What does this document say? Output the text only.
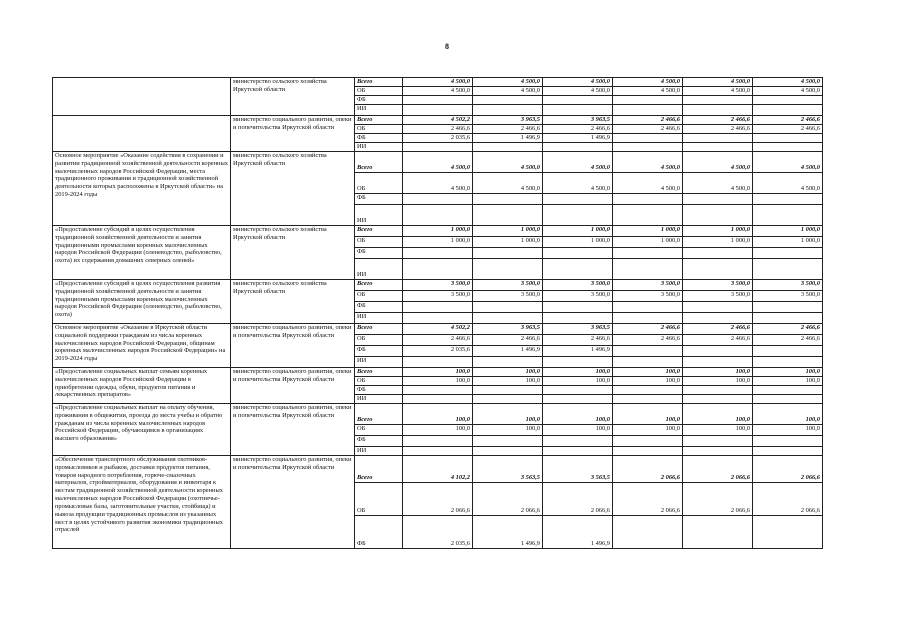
8
	министерство сельского хозяйства Иркутской области	Всего	4 500,0	4 500,0	4 500,0	4 500,0	4 500,0	4 500,0
		ОБ	4 500,0	4 500,0	4 500,0	4 500,0	4 500,0	4 500,0
		ФБ						
		ИИ						
	министерство социального развития, опеки и попечительства Иркутской области	Всего	4 502,2	3 963,5	3 963,5	2 466,6	2 466,6	2 466,6
		ОБ	2 466,6	2 466,6	2 466,6	2 466,6	2 466,6	2 466,6
		ФБ	2 035,6	1 496,9	1 496,9			
		ИИ						
Основное мероприятие «Оказание содействия в сохранении и развитии традиционной хозяйственной деятельности коренных малочисленных народов Российской Федерации, места традиционного проживания и традиционной хозяйственной деятельности которых расположены в Иркутской области» на 2019-2024 годы	министерство сельского хозяйства Иркутской области	Всего	4 500,0	4 500,0	4 500,0	4 500,0	4 500,0	4 500,0
		ОБ	4 500,0	4 500,0	4 500,0	4 500,0	4 500,0	4 500,0
		ФБ						
		ИИ						
«Предоставление субсидий в целях осуществления традиционной хозяйственной деятельности и занятия традиционными промыслами коренных малочисленных народов Российской Федерации (оленеводство, рыболовство, охота) их содержания домашних северных оленей»	министерство сельского хозяйства Иркутской области	Всего	1 000,0	1 000,0	1 000,0	1 000,0	1 000,0	1 000,0
		ОБ	1 000,0	1 000,0	1 000,0	1 000,0	1 000,0	1 000,0
		ФБ						
		ИИ						
«Предоставление субсидий в целях осуществления развития традиционной хозяйственной деятельности и занятия традиционными промыслами коренных малочисленных народов Российской Федерации (оленеводство, рыболовство, охота)	министерство сельского хозяйства Иркутской области	Всего	3 500,0	3 500,0	3 500,0	3 500,0	3 500,0	3 500,0
		ОБ	3 500,0	3 500,0	3 500,0	3 500,0	3 500,0	3 500,0
		ФБ						
		ИИ						
Основное мероприятие «Оказание в Иркутской области социальной поддержки гражданам из числа коренных малочисленных народов Российской Федерации, общинам коренных малочисленных народов Российской Федерации» на 2019-2024 годы	министерство социального развития, опеки и попечительства Иркутской области	Всего	4 502,2	3 963,5	3 963,5	2 466,6	2 466,6	2 466,6
		ОБ	2 466,6	2 466,6	2 466,6	2 466,6	2 466,6	2 466,6
		ФБ	2 035,6	1 496,9	1 496,9			
		ИИ						
«Предоставление социальных выплат семьям коренных малочисленных народов Российской Федерации в приобретении одежды, обуви, продуктов питания и лекарственных препаратов»	министерство социального развития, опеки и попечительства Иркутской области	Всего	100,0	100,0	100,0	100,0	100,0	100,0
		ОБ	100,0	100,0	100,0	100,0	100,0	100,0
		ФБ						
		ИИ						
«Предоставление социальных выплат на оплату обучения, проживания в общежитии, проезда до места учебы и обратно гражданам из числа коренных малочисленных народов Российской Федерации, обучающимся в организациях высшего образования»	министерство социального развития, опеки и попечительства Иркутской области	Всего	100,0	100,0	100,0	100,0	100,0	100,0
		ОБ	100,0	100,0	100,0	100,0	100,0	100,0
		ФБ						
		ИИ						
«Обеспечение транспортного обслуживания охотников-промысловиков и рыбаков, доставки продуктов питания, товаров народного потребления, горюче-смазочных материалов, стройматериалов, оборудования и инвентаря к местам традиционной хозяйственной деятельности коренных малочисленных народов Российской Федерации (охотничье-промысловые базы, заготовительные участки, стойбища) и вывоза продукции традиционных промыслов из указанных мест в целях устойчивого развития экономики традиционных отраслей	министерство социального развития, опеки и попечительства Иркутской области	Всего	4 102,2	3 563,5	3 563,5	2 066,6	2 066,6	2 066,6
		ОБ	2 066,6	2 066,6	2 066,6	2 066,6	2 066,6	2 066,6
		ФБ	2 035,6	1 496,9	1 496,9			
